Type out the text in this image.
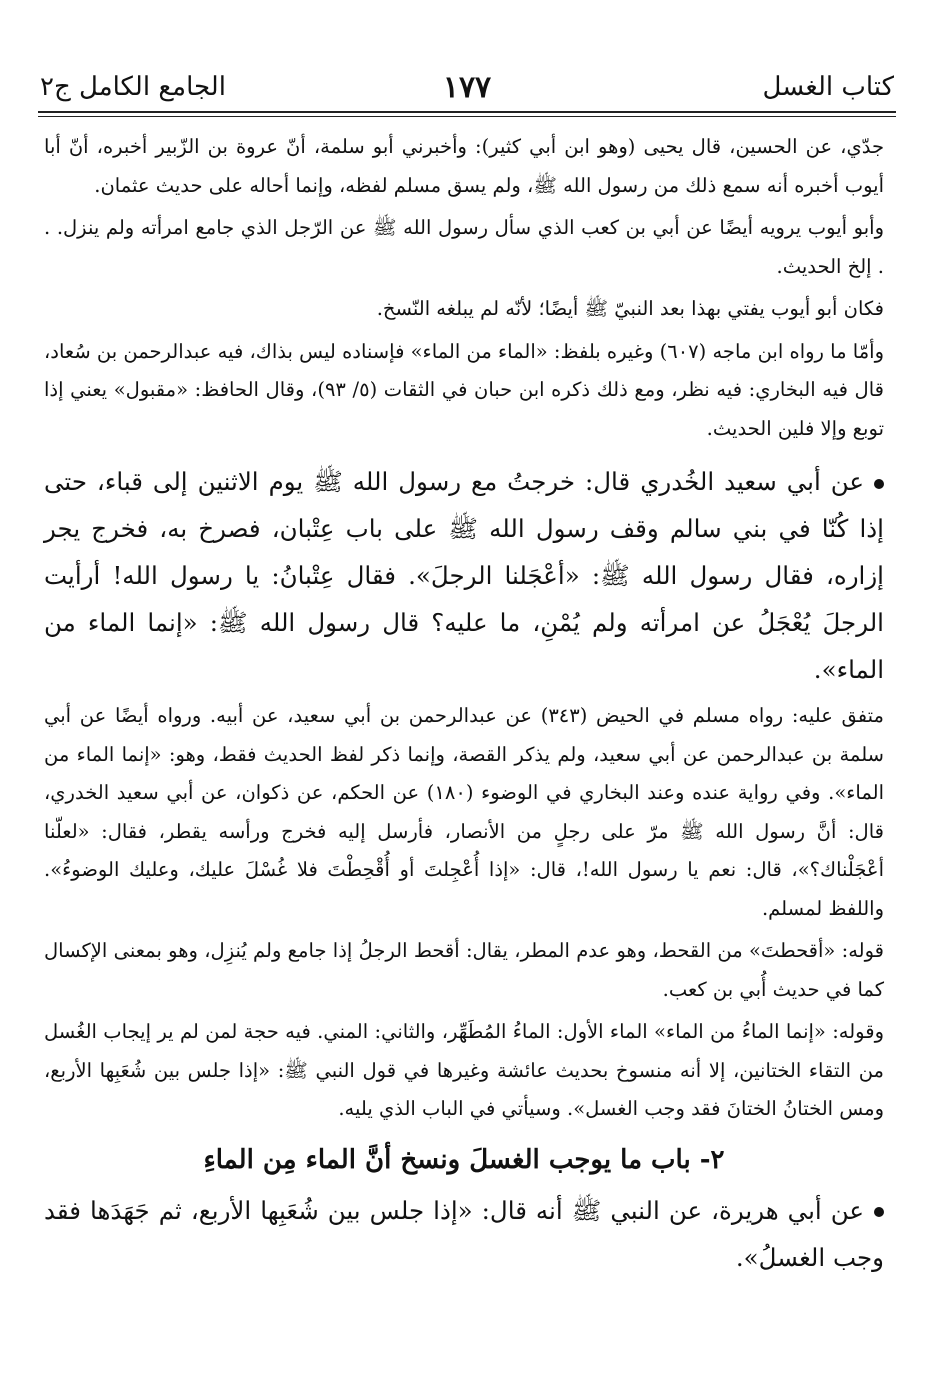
الجامع الكامل ج٢	١٧٧	كتاب الغسل

جدّي، عن الحسين، قال يحيى (وهو ابن أبي كثير): وأخبرني أبو سلمة، أنّ عروة بن الزّبير أخبره، أنّ أبا أيوب أخبره أنه سمع ذلك من رسول الله ﷺ، ولم يسق مسلم لفظه، وإنما أحاله على حديث عثمان.

وأبو أيوب يرويه أيضًا عن أبي بن كعب الذي سأل رسول الله ﷺ عن الرّجل الذي جامع امرأته ولم ينزل. . . إلخ الحديث.

فكان أبو أيوب يفتي بهذا بعد النبيّ ﷺ أيضًا؛ لأنّه لم يبلغه النّسخ.

وأمّا ما رواه ابن ماجه (٦٠٧) وغيره بلفظ: «الماء من الماء» فإسناده ليس بذاك، فيه عبدالرحمن بن سُعاد، قال فيه البخاري: فيه نظر، ومع ذلك ذكره ابن حبان في الثقات (٥/ ٩٣)، وقال الحافظ: «مقبول» يعني إذا توبع وإلا فلين الحديث.

عن أبي سعيد الخُدري قال: خرجتُ مع رسول الله ﷺ يوم الاثنين إلى قباء، حتى إذا كُنّا في بني سالم وقف رسول الله ﷺ على باب عِتْبان، فصرخ به، فخرج يجر إزاره، فقال رسول الله ﷺ: «أعْجَلنا الرجلَ». فقال عِتْبانُ: يا رسول الله! أرأيت الرجلَ يُعْجَلُ عن امرأته ولم يُمْنِ، ما عليه؟ قال رسول الله ﷺ: «إنما الماء من الماء».

متفق عليه: رواه مسلم في الحيض (٣٤٣) عن عبدالرحمن بن أبي سعيد، عن أبيه. ورواه أيضًا عن أبي سلمة بن عبدالرحمن عن أبي سعيد، ولم يذكر القصة، وإنما ذكر لفظ الحديث فقط، وهو: «إنما الماء من الماء». وفي رواية عنده وعند البخاري في الوضوء (١٨٠) عن الحكم، عن ذكوان، عن أبي سعيد الخدري، قال: أنَّ رسول الله ﷺ مرّ على رجلٍ من الأنصار، فأرسل إليه فخرج ورأسه يقطر، فقال: «لعلّنا أعْجَلْناك؟»، قال: نعم يا رسول الله!، قال: «إذا أُعْجِلتَ أو أُقْحِطْتَ فلا غُسْلَ عليك، وعليك الوضوءُ». واللفظ لمسلم.

قوله: «أقحطتَ» من القحط، وهو عدم المطر، يقال: أقحط الرجلُ إذا جامع ولم يُنزِل، وهو بمعنى الإكسال كما في حديث أُبي بن كعب.

وقوله: «إنما الماءُ من الماء» الماء الأول: الماءُ المُطَهِّر، والثاني: المني. فيه حجة لمن لم ير إيجاب الغُسل من التقاء الختانين، إلا أنه منسوخ بحديث عائشة وغيرها في قول النبي ﷺ: «إذا جلس بين شُعَبِها الأربع، ومس الختانُ الختانَ فقد وجب الغسل». وسيأتي في الباب الذي يليه.

٢- باب ما يوجب الغسلَ ونسخ أنَّ الماء مِن الماءِ

عن أبي هريرة، عن النبي ﷺ أنه قال: «إذا جلس بين شُعَبِها الأربع، ثم جَهَدَها فقد وجب الغسلُ».
